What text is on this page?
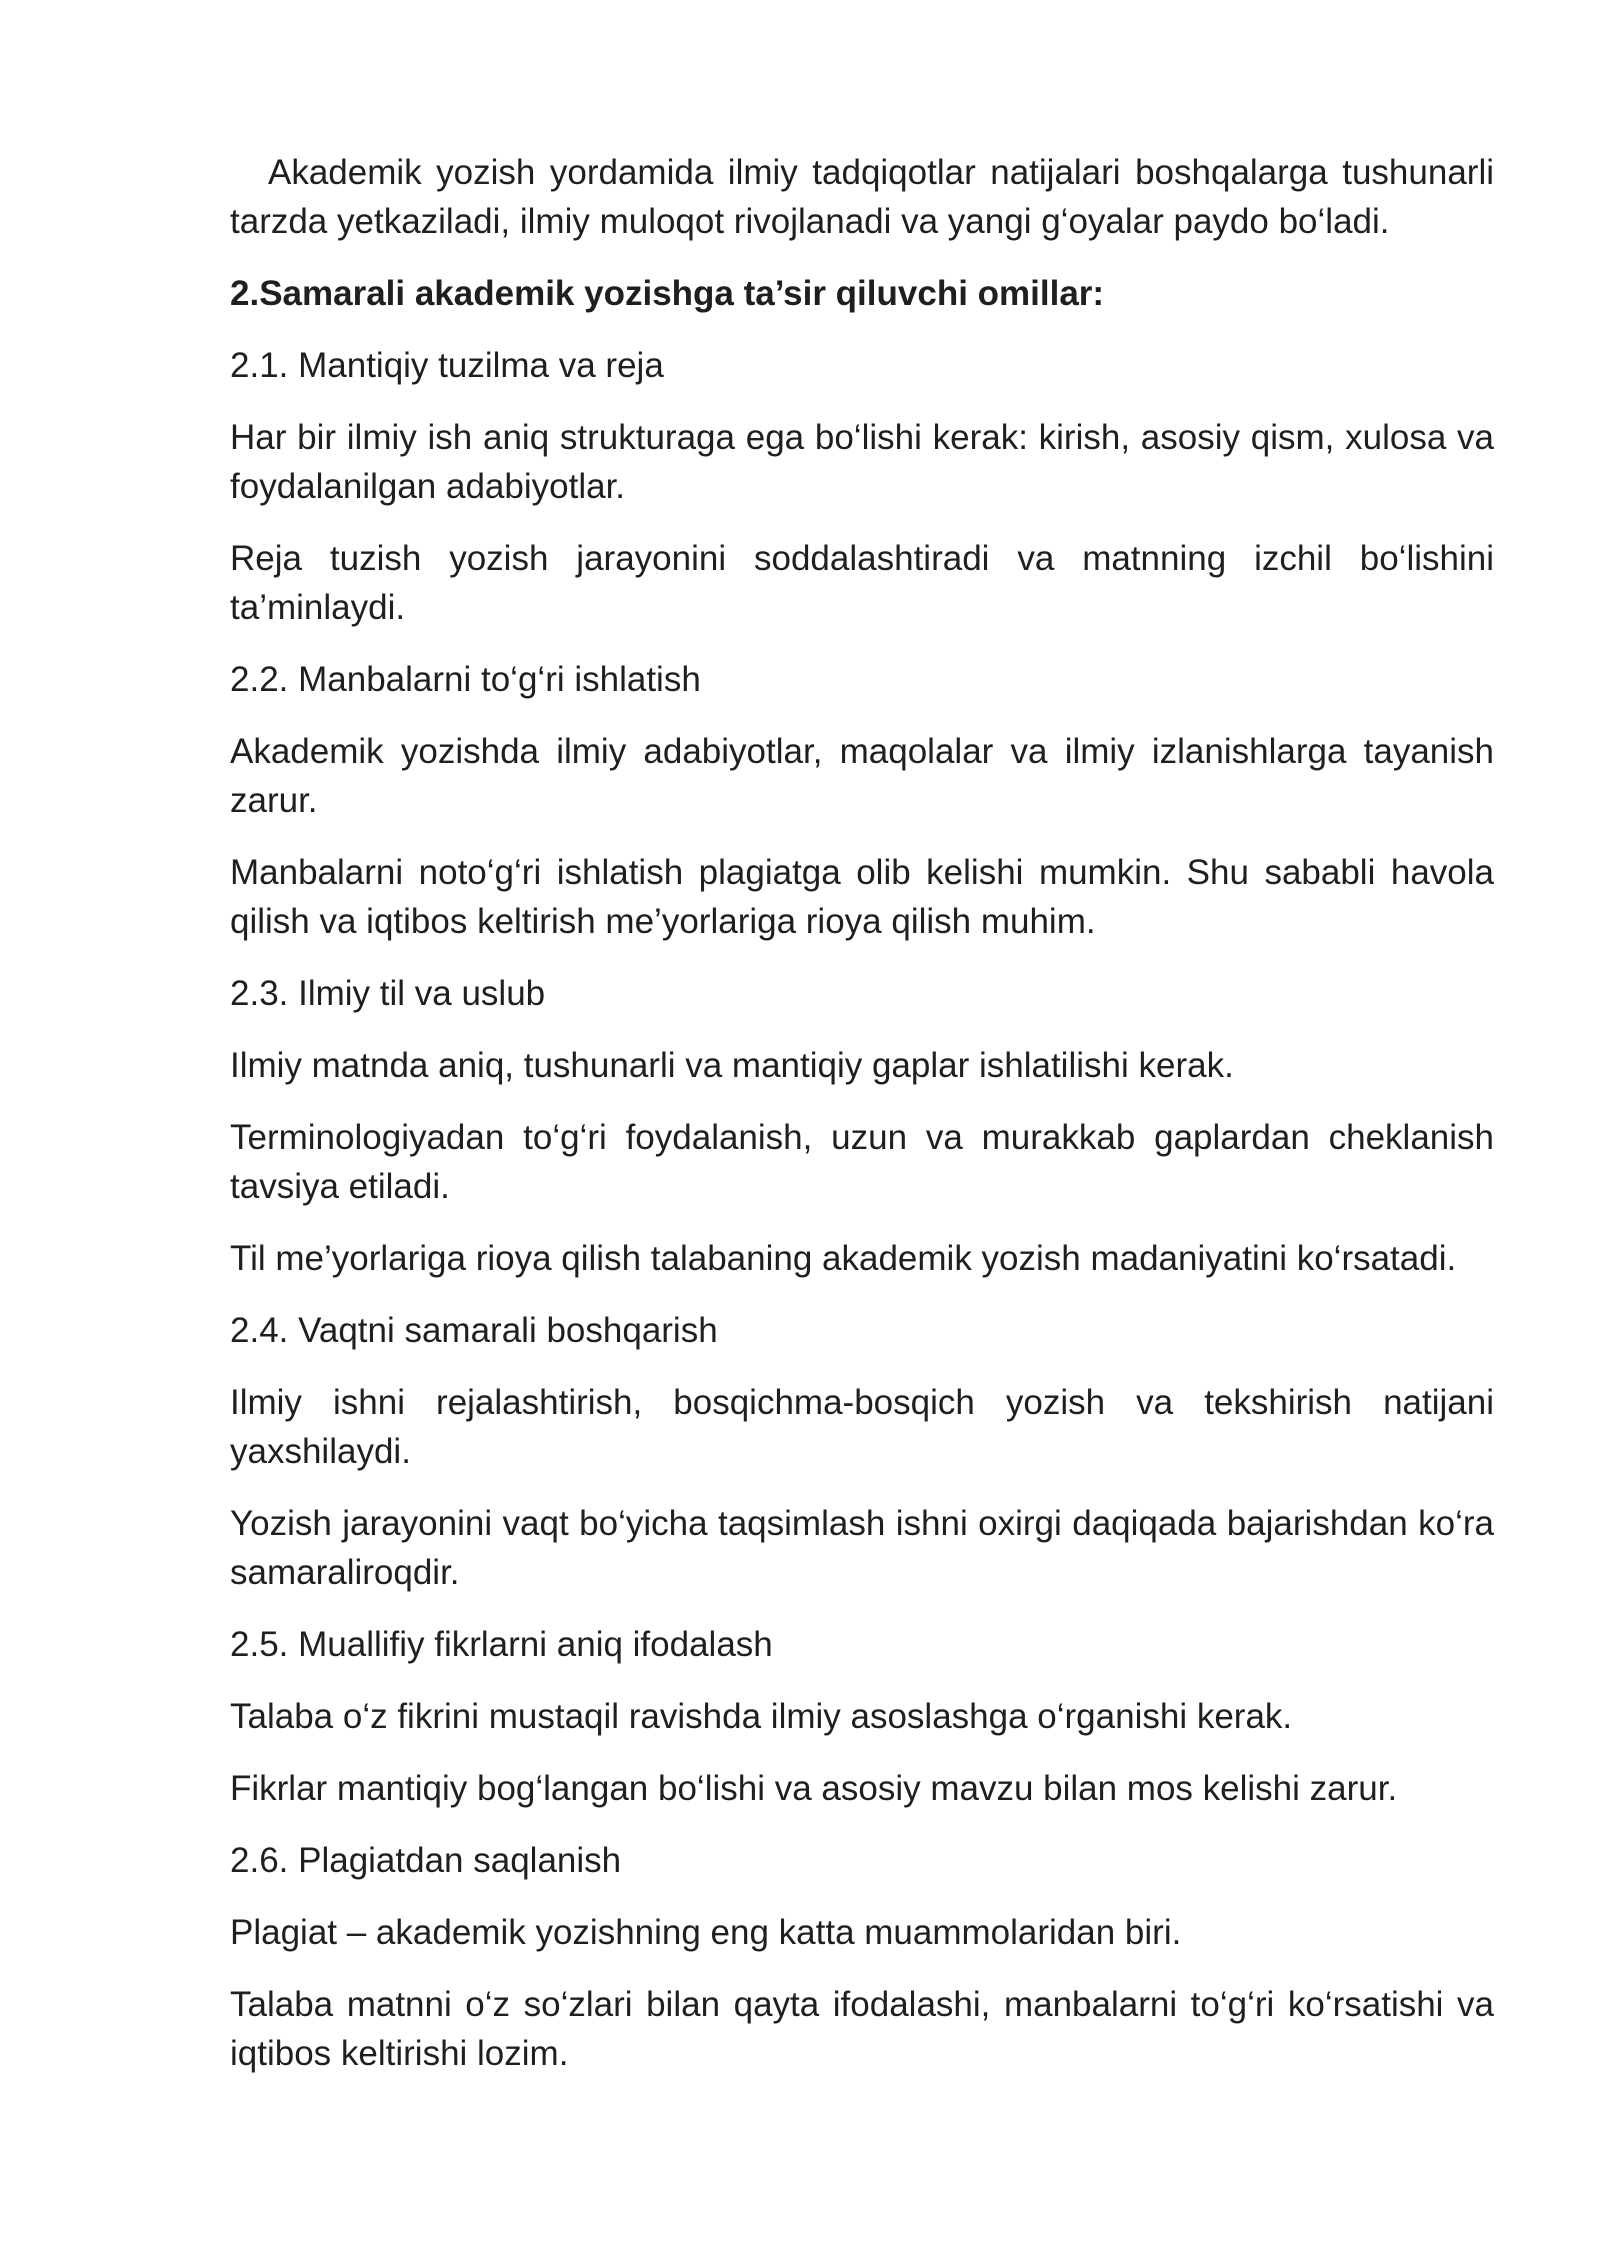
Akademik yozish yordamida ilmiy tadqiqotlar natijalari boshqalarga tushunarli tarzda yetkaziladi, ilmiy muloqot rivojlanadi va yangi g‘oyalar paydo bo‘ladi.

2.Samarali akademik yozishga ta’sir qiluvchi omillar:

2.1. Mantiqiy tuzilma va reja

Har bir ilmiy ish aniq strukturaga ega bo‘lishi kerak: kirish, asosiy qism, xulosa va foydalanilgan adabiyotlar.

Reja tuzish yozish jarayonini soddalashtiradi va matnning izchil bo‘lishini ta’minlaydi.

2.2. Manbalarni to‘g‘ri ishlatish

Akademik yozishda ilmiy adabiyotlar, maqolalar va ilmiy izlanishlarga tayanish zarur.

Manbalarni noto‘g‘ri ishlatish plagiatga olib kelishi mumkin. Shu sababli havola qilish va iqtibos keltirish me’yorlariga rioya qilish muhim.

2.3. Ilmiy til va uslub

Ilmiy matnda aniq, tushunarli va mantiqiy gaplar ishlatilishi kerak.

Terminologiyadan to‘g‘ri foydalanish, uzun va murakkab gaplardan cheklanish tavsiya etiladi.

Til me’yorlariga rioya qilish talabaning akademik yozish madaniyatini ko‘rsatadi.

2.4. Vaqtni samarali boshqarish

Ilmiy ishni rejalashtirish, bosqichma-bosqich yozish va tekshirish natijani yaxshilaydi.

Yozish jarayonini vaqt bo‘yicha taqsimlash ishni oxirgi daqiqada bajarishdan ko‘ra samaraliroqdir.

2.5. Muallifiy fikrlarni aniq ifodalash

Talaba o‘z fikrini mustaqil ravishda ilmiy asoslashga o‘rganishi kerak.

Fikrlar mantiqiy bog‘langan bo‘lishi va asosiy mavzu bilan mos kelishi zarur.

2.6. Plagiatdan saqlanish

Plagiat – akademik yozishning eng katta muammolaridan biri.

Talaba matnni o‘z so‘zlari bilan qayta ifodalashi, manbalarni to‘g‘ri ko‘rsatishi va iqtibos keltirishi lozim.
